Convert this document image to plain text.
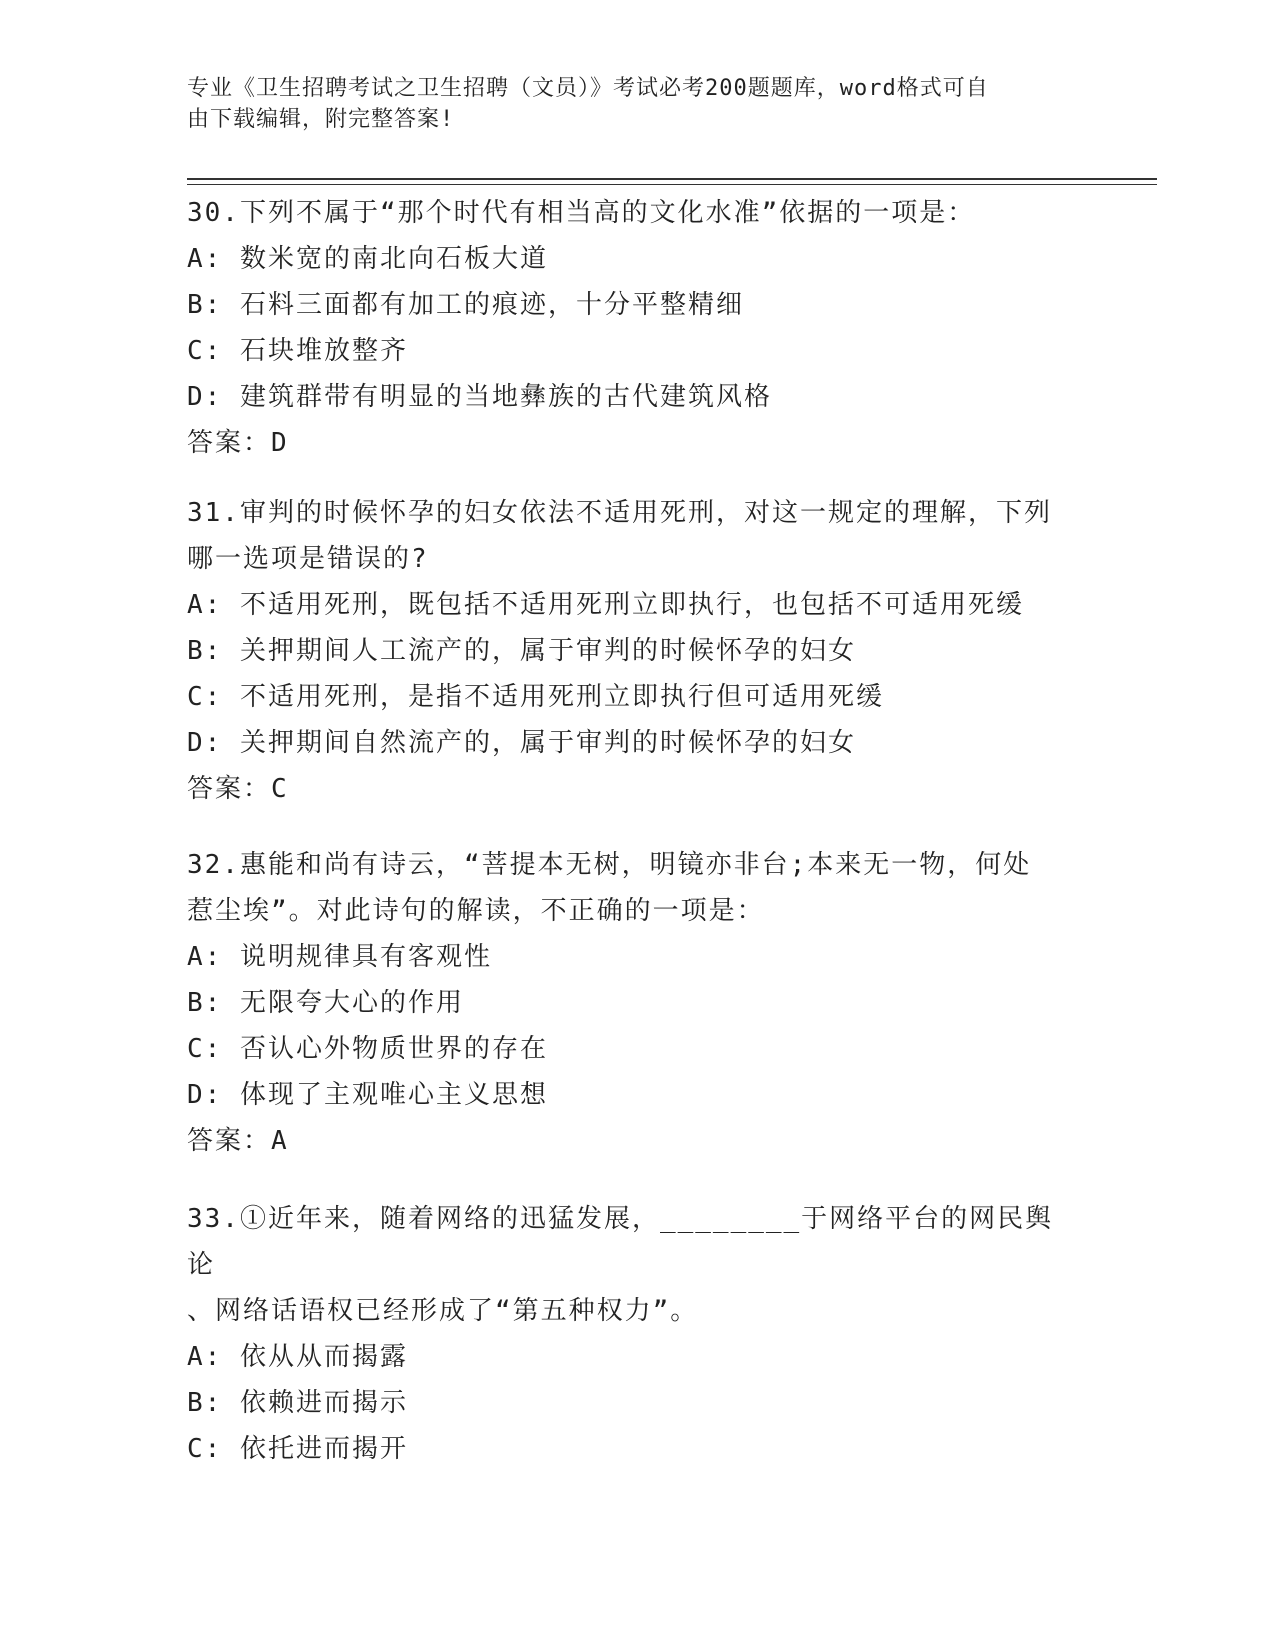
专业《卫生招聘考试之卫生招聘（文员）》考试必考200题题库，word格式可自
由下载编辑，附完整答案!
30.下列不属于“那个时代有相当高的文化水准”依据的一项是：
A: 数米宽的南北向石板大道
B: 石料三面都有加工的痕迹，十分平整精细
C: 石块堆放整齐
D: 建筑群带有明显的当地彝族的古代建筑风格
答案：D
31.审判的时候怀孕的妇女依法不适用死刑，对这一规定的理解，下列
哪一选项是错误的?
A: 不适用死刑，既包括不适用死刑立即执行，也包括不可适用死缓
B: 关押期间人工流产的，属于审判的时候怀孕的妇女
C: 不适用死刑，是指不适用死刑立即执行但可适用死缓
D: 关押期间自然流产的，属于审判的时候怀孕的妇女
答案：C
32.惠能和尚有诗云，“菩提本无树，明镜亦非台;本来无一物，何处
惹尘埃”。对此诗句的解读，不正确的一项是：
A: 说明规律具有客观性
B: 无限夸大心的作用
C: 否认心外物质世界的存在
D: 体现了主观唯心主义思想
答案：A
33.①近年来，随着网络的迅猛发展，________于网络平台的网民舆论
、网络话语权已经形成了“第五种权力”。
A: 依从从而揭露
B: 依赖进而揭示
C: 依托进而揭开
